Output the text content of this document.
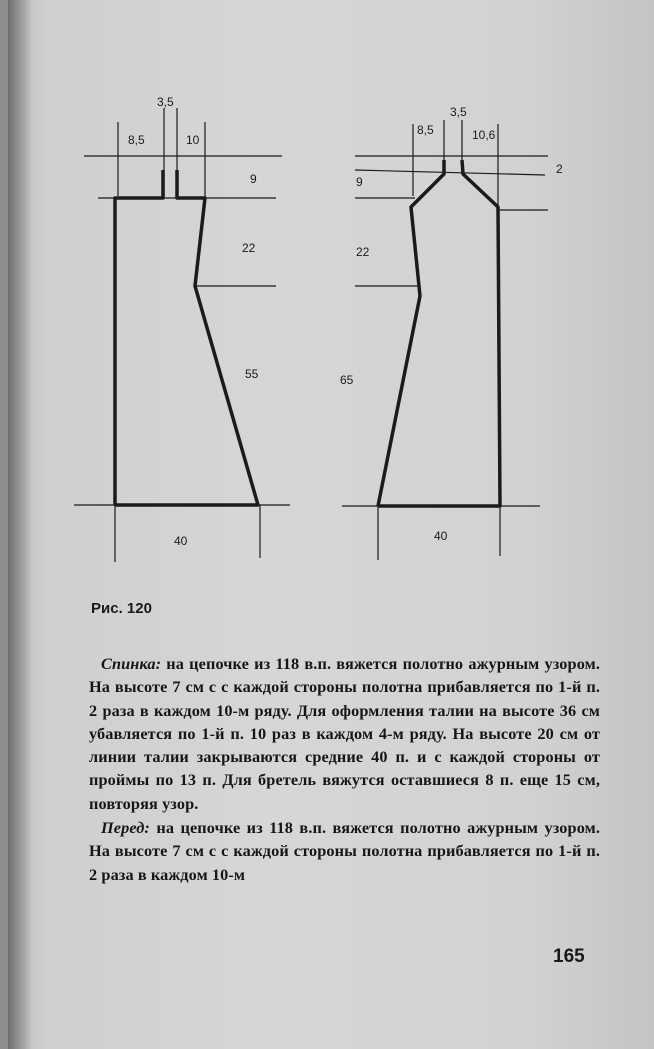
3,5
8,5	10
9
22
55
40
3,5
8,5	10,6
2
9
22
65
40
Рис. 120

Спинка: на цепочке из 118 в.п. вяжется полотно ажурным узором. На высоте 7 см с с каждой стороны полотна прибавляется по 1-й п. 2 раза в каждом 10-м ряду. Для оформления талии на высоте 36 см убавляется по 1-й п. 10 раз в каждом 4-м ряду. На высоте 20 см от линии талии закрываются средние 40 п. и с каждой стороны от проймы по 13 п. Для бретель вяжутся оставшиеся 8 п. еще 15 см, повторяя узор.

Перед: на цепочке из 118 в.п. вяжется полотно ажурным узором. На высоте 7 см с с каждой стороны полотна прибавляется по 1-й п. 2 раза в каждом 10-м

165
